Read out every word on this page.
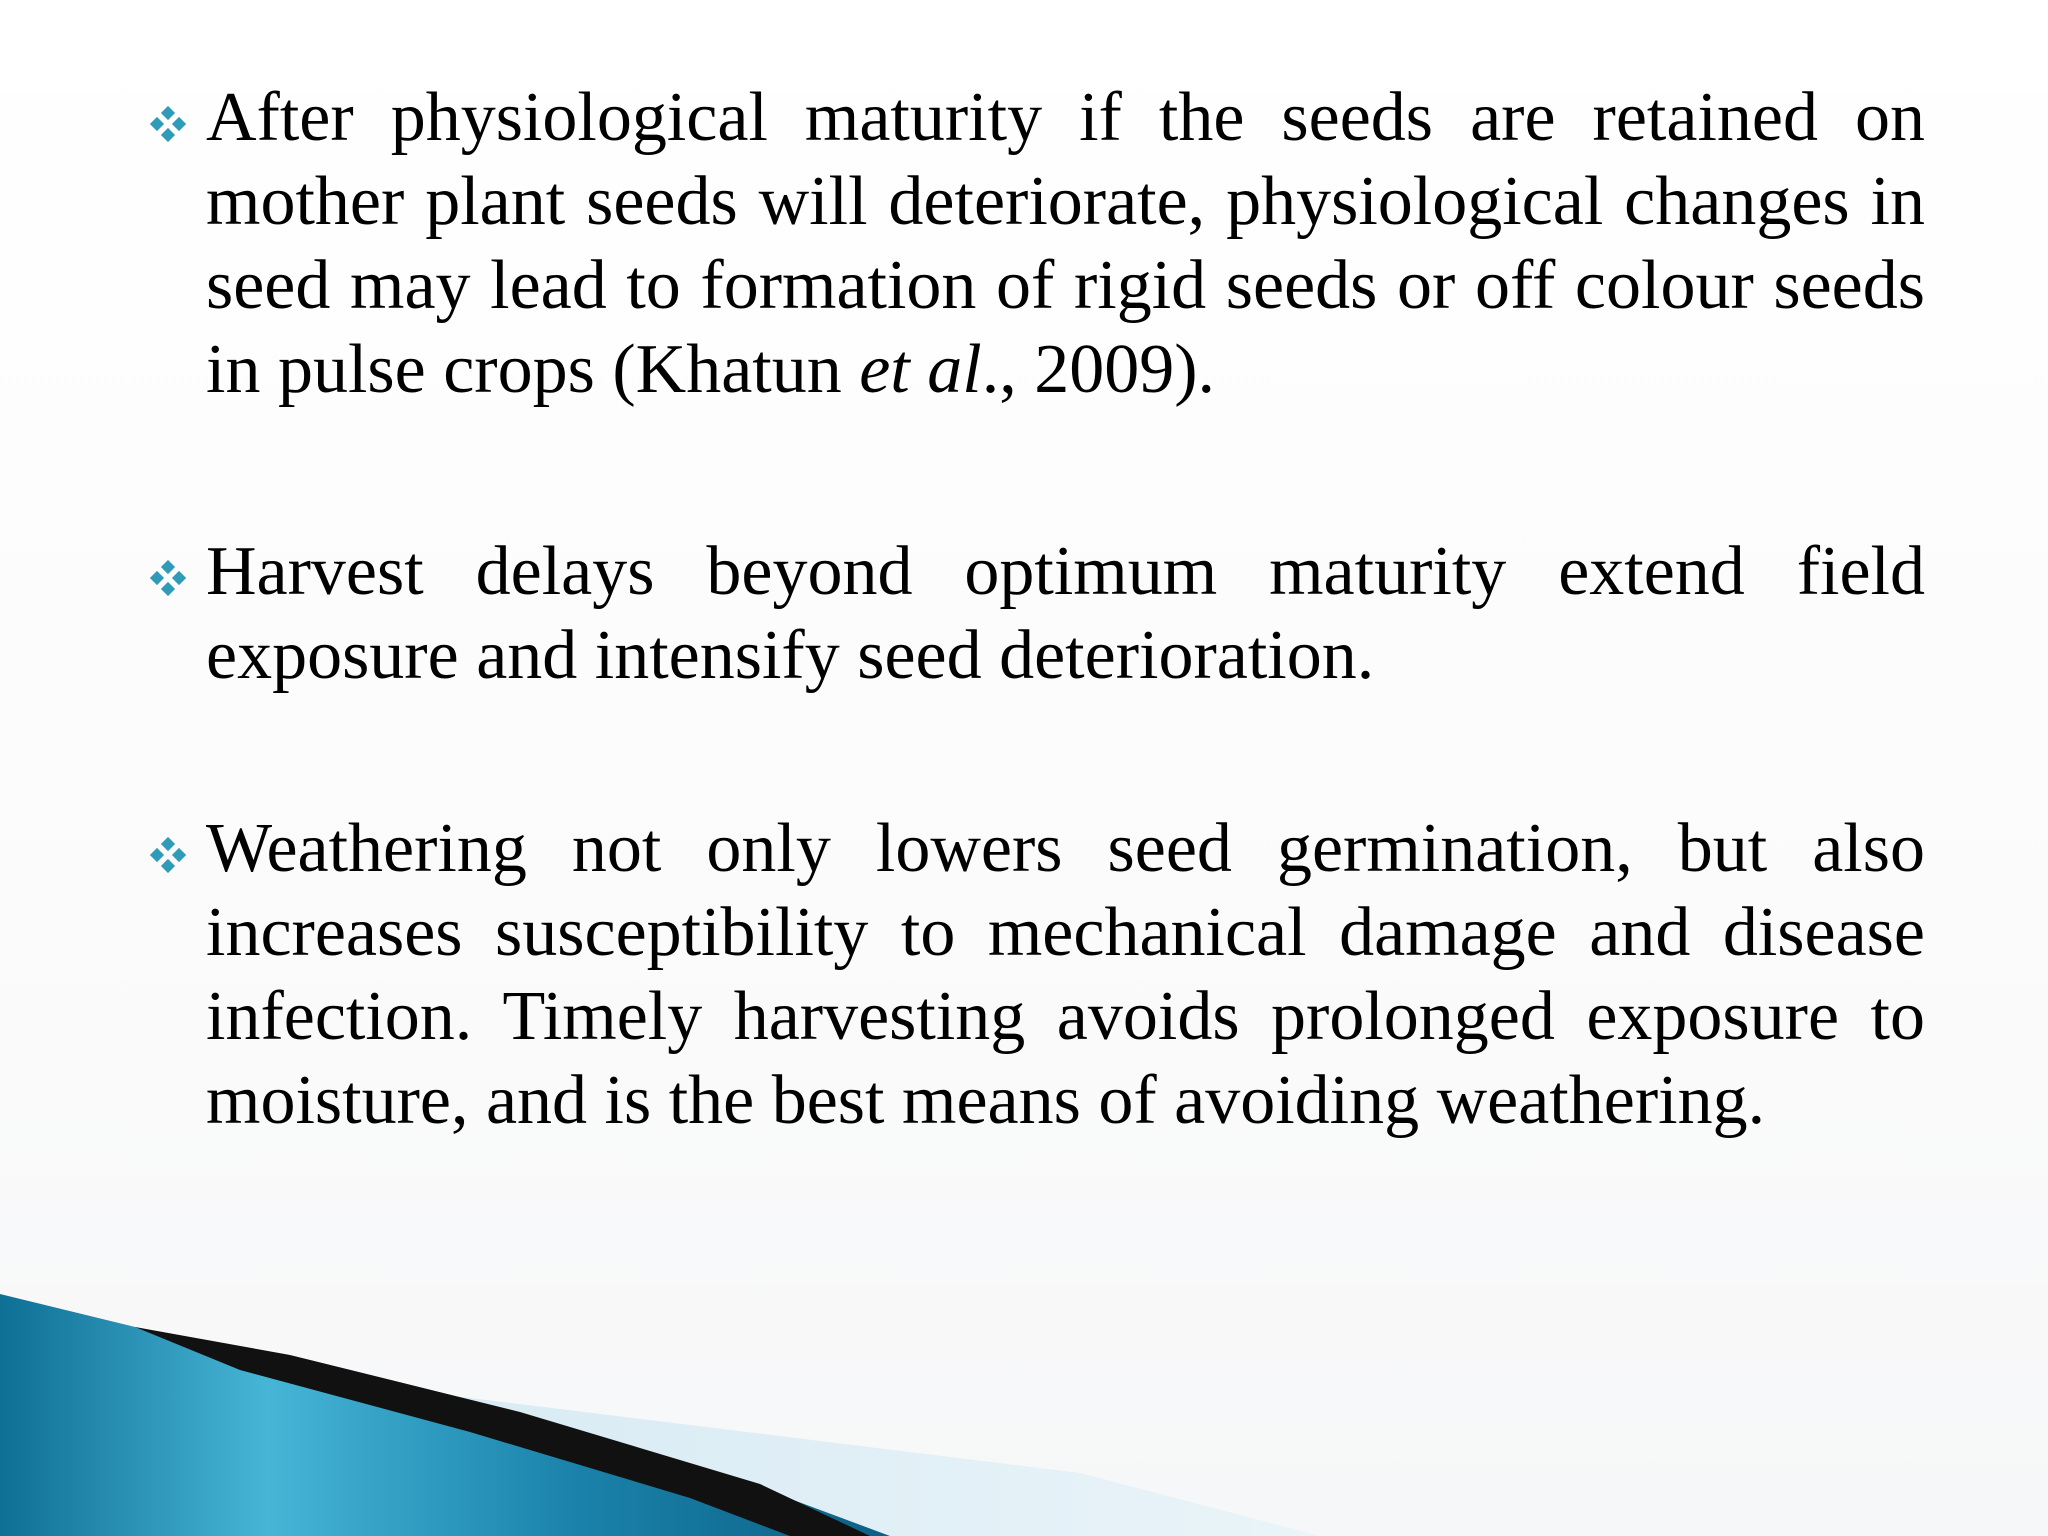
After physiological maturity if the seeds are retained on mother plant seeds will deteriorate, physiological changes in seed may lead to formation of rigid seeds or off colour seeds in pulse crops (Khatun et al., 2009).
Harvest delays beyond optimum maturity extend field exposure and intensify seed deterioration.
Weathering not only lowers seed germination, but also increases susceptibility to mechanical damage and disease infection. Timely harvesting avoids prolonged exposure to moisture, and is the best means of avoiding weathering.
